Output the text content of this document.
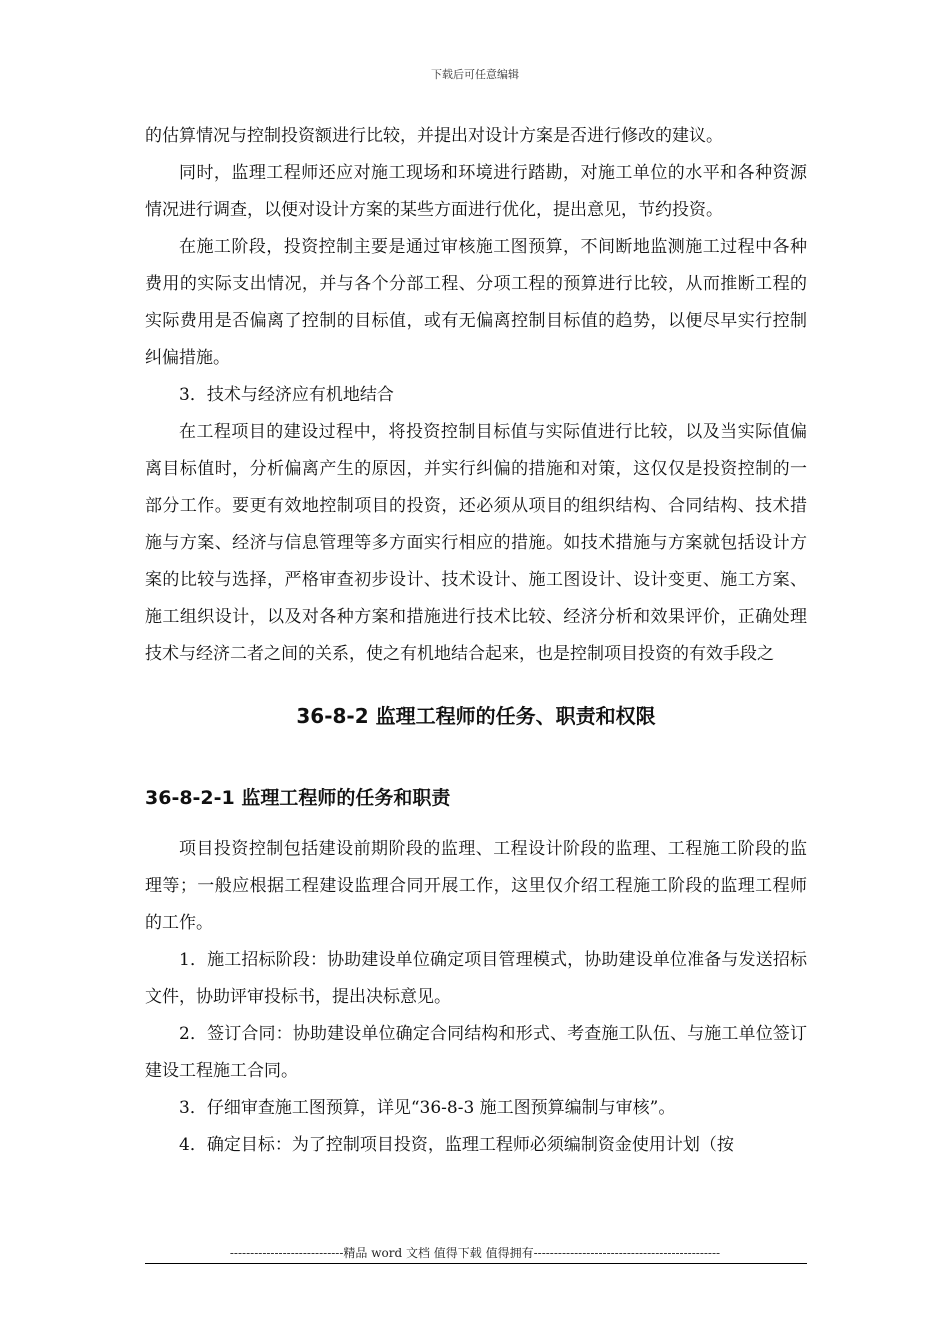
下载后可任意编辑

的估算情况与控制投资额进行比较，并提出对设计方案是否进行修改的建议。

同时，监理工程师还应对施工现场和环境进行踏勘，对施工单位的水平和各种资源情况进行调查，以便对设计方案的某些方面进行优化，提出意见，节约投资。

在施工阶段，投资控制主要是通过审核施工图预算，不间断地监测施工过程中各种费用的实际支出情况，并与各个分部工程、分项工程的预算进行比较，从而推断工程的实际费用是否偏离了控制的目标值，或有无偏离控制目标值的趋势，以便尽早实行控制纠偏措施。

3．技术与经济应有机地结合

在工程项目的建设过程中，将投资控制目标值与实际值进行比较，以及当实际值偏离目标值时，分析偏离产生的原因，并实行纠偏的措施和对策，这仅仅是投资控制的一部分工作。要更有效地控制项目的投资，还必须从项目的组织结构、合同结构、技术措施与方案、经济与信息管理等多方面实行相应的措施。如技术措施与方案就包括设计方案的比较与选择，严格审查初步设计、技术设计、施工图设计、设计变更、施工方案、施工组织设计，以及对各种方案和措施进行技术比较、经济分析和效果评价，正确处理技术与经济二者之间的关系，使之有机地结合起来，也是控制项目投资的有效手段之

36-8-2 监理工程师的任务、职责和权限
36-8-2-1 监理工程师的任务和职责

项目投资控制包括建设前期阶段的监理、工程设计阶段的监理、工程施工阶段的监理等；一般应根据工程建设监理合同开展工作，这里仅介绍工程施工阶段的监理工程师的工作。

1．施工招标阶段：协助建设单位确定项目管理模式，协助建设单位准备与发送招标文件，协助评审投标书，提出决标意见。

2．签订合同：协助建设单位确定合同结构和形式、考查施工队伍、与施工单位签订建设工程施工合同。

3．仔细审查施工图预算，详见“36-8-3 施工图预算编制与审核”。

4．确定目标：为了控制项目投资，监理工程师必须编制资金使用计划（按

----------------------------精品 word 文档 值得下载 值得拥有----------------------------------------------
